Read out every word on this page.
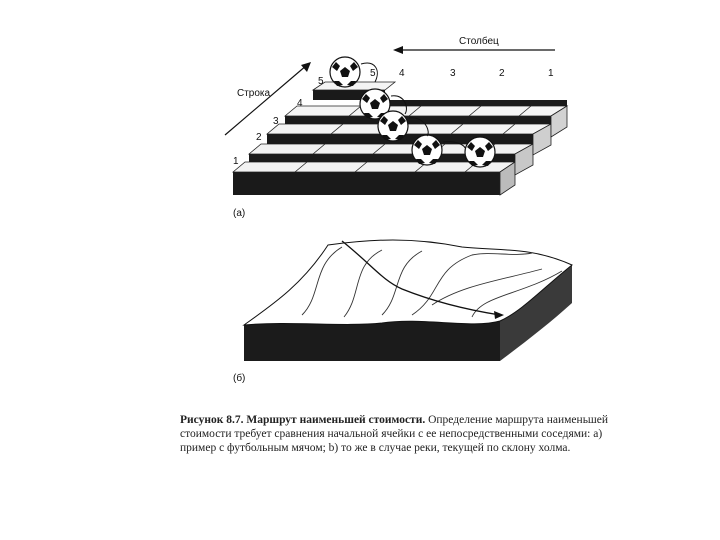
Столбец
Строка
5 4	3	2	1
1
2
3
4
5
(а)
(б)
Рисунок 8.7. Маршрут наименьшей стоимости. Определение маршрута наименьшей стоимости требует сравнения начальной ячейки с ее непосредственными соседями: а) пример с футбольным мячом; b) то же в случае реки, текущей по склону холма.
